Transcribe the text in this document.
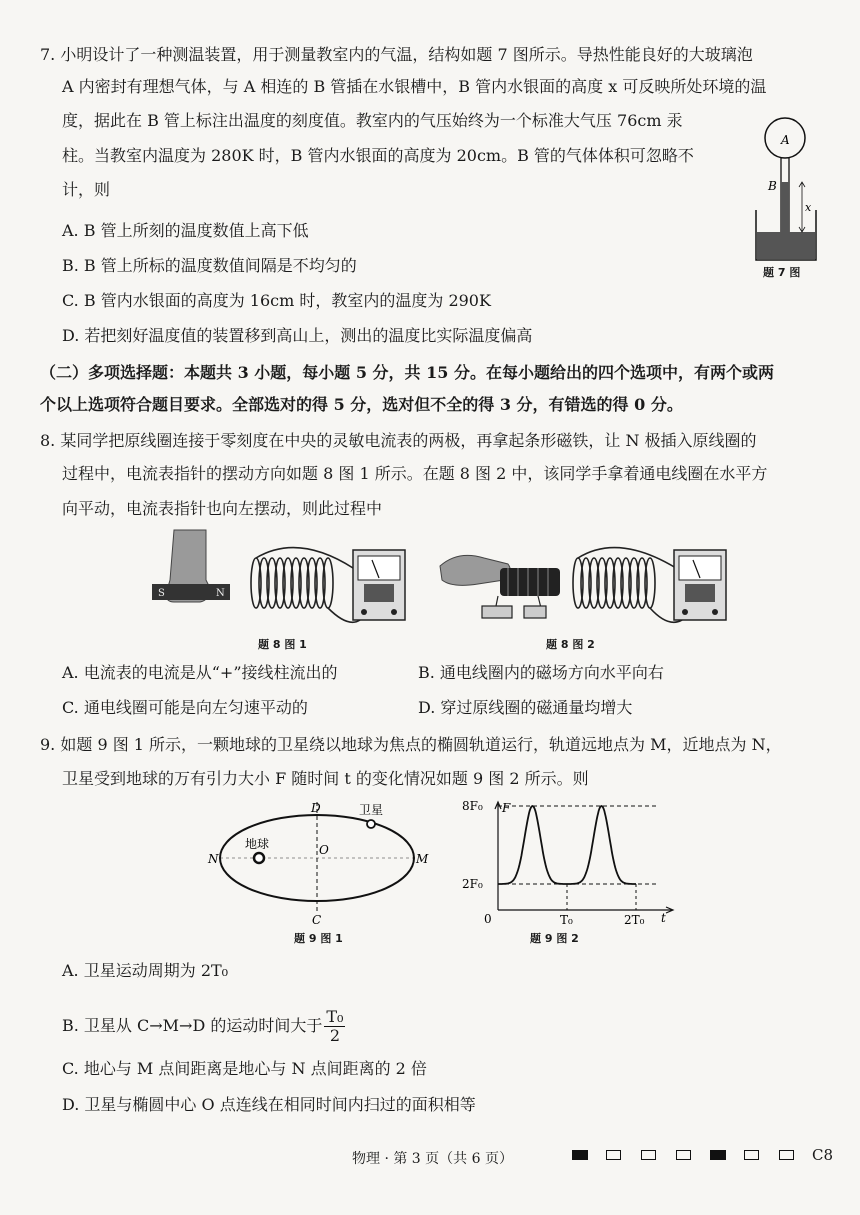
7. 小明设计了一种测温装置，用于测量教室内的气温，结构如题 7 图所示。导热性能良好的大玻璃泡
A 内密封有理想气体，与 A 相连的 B 管插在水银槽中，B 管内水银面的高度 x 可反映所处环境的温
度，据此在 B 管上标注出温度的刻度值。教室内的气压始终为一个标准大气压 76cm 汞
柱。当教室内温度为 280K 时，B 管内水银面的高度为 20cm。B 管的气体体积可忽略不
计，则
A. B 管上所刻的温度数值上高下低
B. B 管上所标的温度数值间隔是不均匀的
C. B 管内水银面的高度为 16cm 时，教室内的温度为 290K
D. 若把刻好温度值的装置移到高山上，测出的温度比实际温度偏高
A
B
x
题 7 图
（二）多项选择题：本题共 3 小题，每小题 5 分，共 15 分。在每小题给出的四个选项中，有两个或两
个以上选项符合题目要求。全部选对的得 5 分，选对但不全的得 3 分，有错选的得 0 分。
8. 某同学把原线圈连接于零刻度在中央的灵敏电流表的两极，再拿起条形磁铁，让 N 极插入原线圈的
过程中，电流表指针的摆动方向如题 8 图 1 所示。在题 8 图 2 中，该同学手拿着通电线圈在水平方
向平动，电流表指针也向左摆动，则此过程中
S	N
题 8 图 1	题 8 图 2
A. 电流表的电流是从“+”接线柱流出的	B. 通电线圈内的磁场方向水平向右
C. 通电线圈可能是向左匀速平动的	D. 穿过原线圈的磁通量均增大
9. 如题 9 图 1 所示，一颗地球的卫星绕以地球为焦点的椭圆轨道运行，轨道远地点为 M，近地点为 N，
卫星受到地球的万有引力大小 F 随时间 t 的变化情况如题 9 图 2 所示。则
D
C
O
N	M
地球
卫星
题 9 图 1
8F₀
2F₀
T₀	2T₀
F
t
0
题 9 图 2
A. 卫星运动周期为 2T₀
B. 卫星从 C→M→D 的运动时间大于 $\frac{\text{T₀}}{2}$
C. 地心与 M 点间距离是地心与 N 点间距离的 2 倍
D. 卫星与椭圆中心 O 点连线在相同时间内扫过的面积相等
物理 · 第 3 页（共 6 页）	C8
